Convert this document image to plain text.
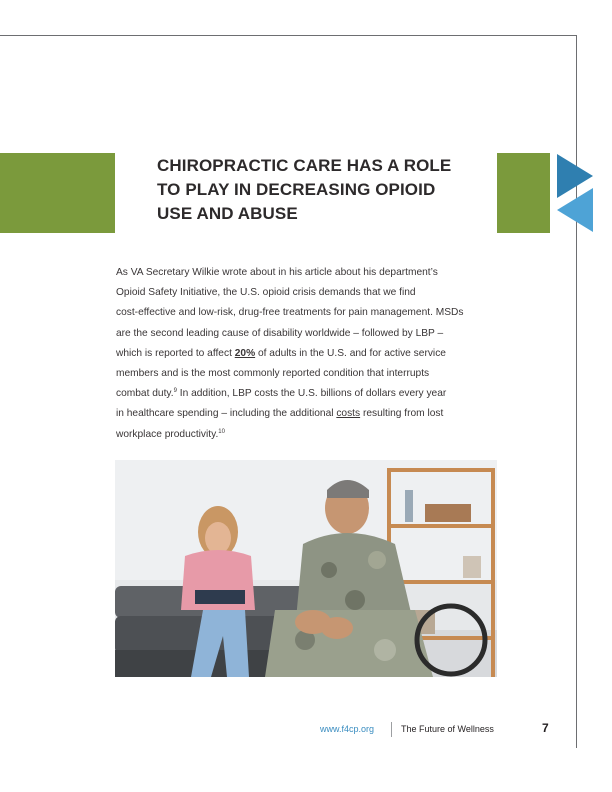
CHIROPRACTIC CARE HAS A ROLE
TO PLAY IN DECREASING OPIOID
USE AND ABUSE
As VA Secretary Wilkie wrote about in his article about his department’s
Opioid Safety Initiative, the U.S. opioid crisis demands that we find
cost-effective and low-risk, drug-free treatments for pain management. MSDs
are the second leading cause of disability worldwide – followed by LBP –
which is reported to affect 20% of adults in the U.S. and for active service
members and is the most commonly reported condition that interrupts
combat duty.$^9$ In addition, LBP costs the U.S. billions of dollars every year
in healthcare spending – including the additional costs resulting from lost
workplace productivity.$^{10}$
www.f4cp.org	The Future of Wellness	7
